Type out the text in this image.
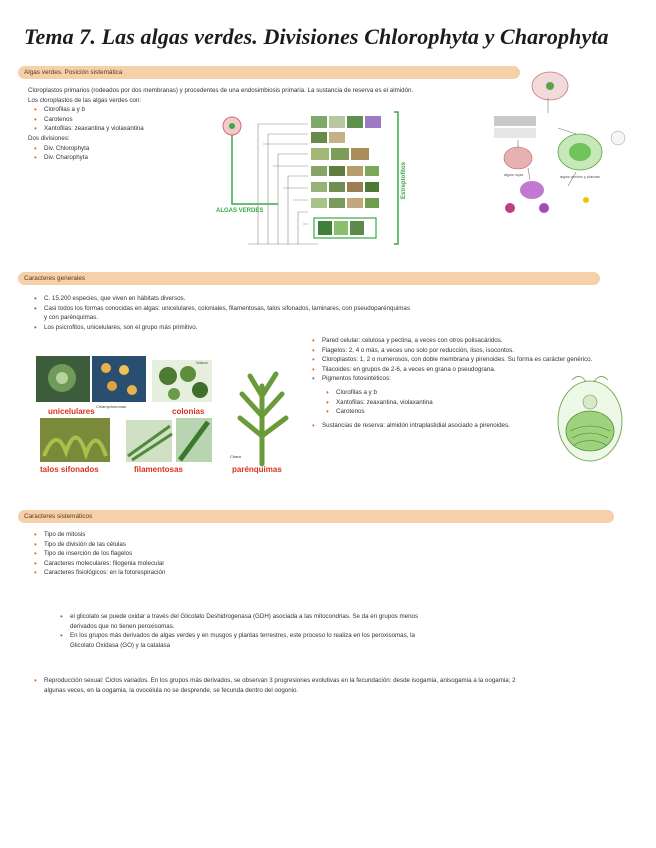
Tema 7. Las algas verdes. Divisiones Chlorophyta y Charophyta
Algas verdes. Posición sistemática
Cloroplastos primarios (rodeados por dos membranas) y procedentes de una endosimbiosis primaria. La sustancia de reserva es el almidón.
Los cloroplastos de las algas verdes con:
• Clorofilas a y b
• Carotenos
• Xantofilas: zeaxantina y violaxantina
Dos divisiones:
• Div. Chlorophyta
• Div. Charophyta
ALGAS VERDES
Estreptofitos	algas rojas	algas verdes y plantas
Caracteres generales
• C. 15.200 especies, que viven en hábitats diversos.
• Casi todos los formas conocidas en algas: unicelulares, coloniales, filamentosas, talos sifonados, laminares, con pseudoparénquimas
y con parénquimas.
• Los psicrofitos, unicelulares, son el grupo más primitivo.
• Pared celular: celulosa y pectina, a veces con otros polisacáridos.
• Flagelos: 2, 4 o más, a veces uno solo por reducción, lisos, isocontos.
• Cloroplastos: 1, 2 o numerosos, con doble membrana y pirenoides. Su forma es carácter genérico.
• Tilacoides: en grupos de 2-6, a veces en grana o pseudograna.
• Pigmentos fotosintéticos:
• Clorofilas a y b
• Xantofilas: zeaxantina, violaxantina
• Carotenos
• Sustancias de reserva: almidón intraplastidial asociado a pirenoides.
Pyramimonas	Chlamydomonas
Volvox
Chara
unicelulares	colonias
talos sifonados	filamentosas	parénquimas
Caracteres sistemáticos
• Tipo de mitosis
• Tipo de división de las células
• Tipo de inserción de los flagelos
• Caracteres moleculares: filogenia molecular
• Caracteres fisiológicos: en la fotorespiración
• el glicolato se puede oxidar a través del Glicolato Deshidrogenasa (GDH) asociada a las mitocondrias. Se da en grupos menos
derivados que no tienen peroxisomas.
• En los grupos más derivados de algas verdes y en musgos y plantas terrestres, este proceso lo realiza en los peroxisomas, la
Glicolato Oxidasa (GO) y la catalasa
• Reproducción sexual: Ciclos variados. En los grupos más derivados, se observan 3 progresiones evolutivas en la fecundación: desde isogamia, anisogamia a la oogamia; 2
algunas veces, en la oogamia, la ovocélula no se desprende, se fecunda dentro del oogonio.
